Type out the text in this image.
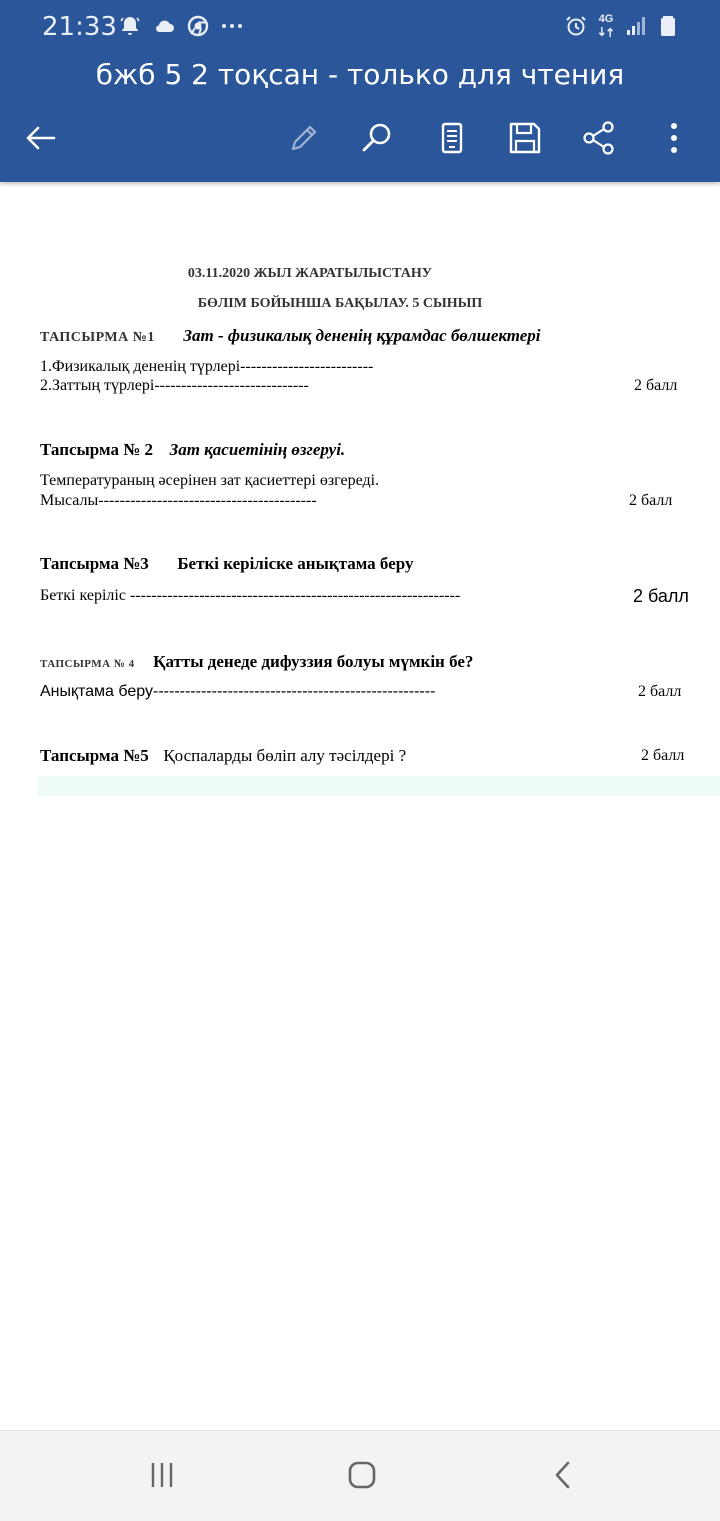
21:33	4G
бжб 5 2 тоқсан - только для чтения
03.11.2020 ЖЫЛ ЖАРАТЫЛЫСТАНУ
БӨЛІМ БОЙЫНША БАҚЫЛАУ. 5 СЫНЫП
ТАПСЫРМА №1 Зат - физикалық дененің құрамдас бөлшектері
1.Физикалық дененің түрлері-------------------------
2.Заттың түрлері-----------------------------	2 балл
Тапсырма № 2 Зат қасиетінің өзгеруі.
Температураның әсерінен зат қасиеттері өзгереді.
Мысалы-----------------------------------------	2 балл
Тапсырма №3 Беткі керіліске анықтама беру
Беткі керіліс --------------------------------------------------------------	2 балл
ТАПСЫРМА № 4 Қатты денеде дифуззия болуы мүмкін бе?
Анықтама беру-----------------------------------------------------	2 балл
Тапсырма №5 Қоспаларды бөліп алу тәсілдері ?	2 балл
